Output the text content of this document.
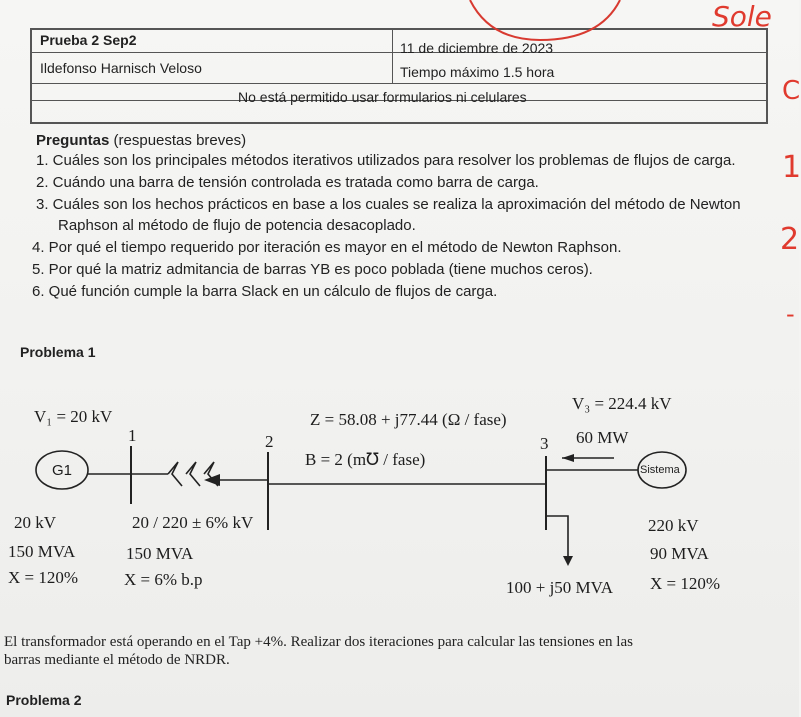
Prueba 2 Sep2	11 de diciembre de 2023
Ildefonso Harnisch Veloso	Tiempo máximo 1.5 hora
No está permitido usar formularios ni celulares
Sole
C
1
2
-
Preguntas (respuestas breves)
1. Cuáles son los principales métodos iterativos utilizados para resolver los problemas de flujos de carga.
2. Cuándo una barra de tensión controlada es tratada como barra de carga.
3. Cuáles son los hechos prácticos en base a los cuales se realiza la aproximación del método de Newton
Raphson al método de flujo de potencia desacoplado.
4. Por qué el tiempo requerido por iteración es mayor en el método de Newton Raphson.
5. Por qué la matriz admitancia de barras YB es poco poblada (tiene muchos ceros).
6. Qué función cumple la barra Slack en un cálculo de flujos de carga.
Problema 1
V₁ = 20 kV
1	2	3
Z = 58.08 + j77.44 (Ω / fase)
B = 2 (m℧ / fase)
V₃ = 224.4 kV
60 MW
G1	Sistema
20 kV
150 MVA
X = 120%
20 / 220 ± 6% kV
150 MVA
X = 6% b.p	100 + j50 MVA
220 kV
90 MVA
X = 120%
El transformador está operando en el Tap +4%. Realizar dos iteraciones para calcular las tensiones en las
barras mediante el método de NRDR.
Problema 2
